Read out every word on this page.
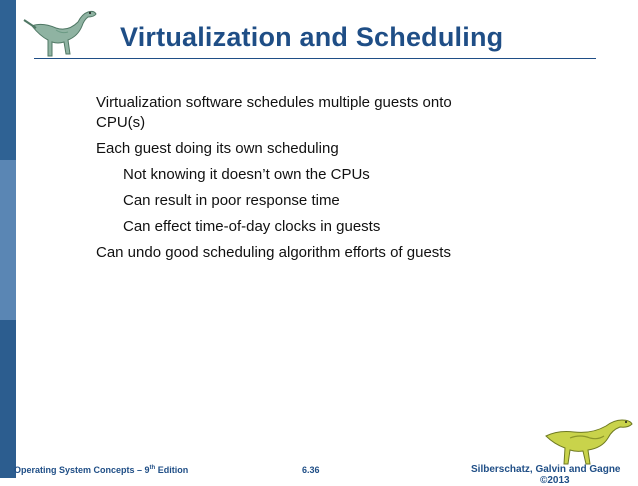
Virtualization and Scheduling

Virtualization software schedules multiple guests onto CPU(s)

Each guest doing its own scheduling

Not knowing it doesn’t own the CPUs

Can result in poor response time

Can effect time-of-day clocks in guests

Can undo good scheduling algorithm efforts of guests

Operating System Concepts – 9th Edition	6.36	Silberschatz, Galvin and Gagne
©2013
